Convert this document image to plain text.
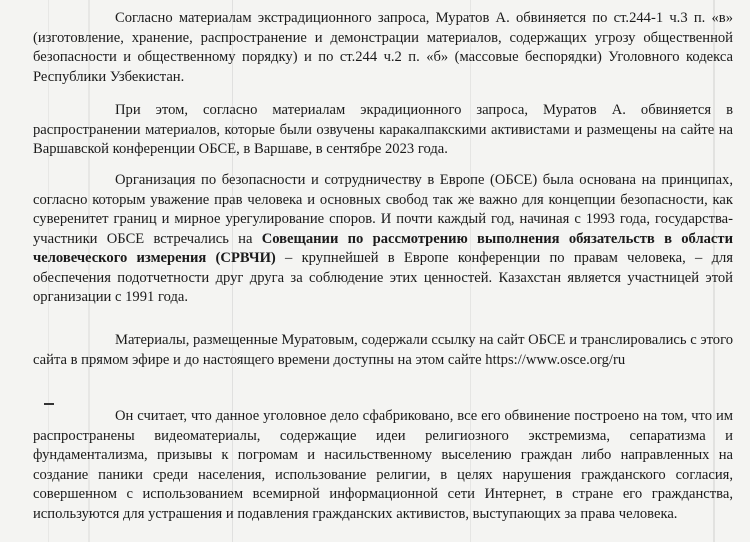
Согласно материалам экстрадиционного запроса, Муратов А. обвиняется по ст.244-1 ч.3 п. «в» (изготовление, хранение, распространение и демонстрации материалов, содержащих угрозу общественной безопасности и общественному порядку) и по ст.244 ч.2 п. «б» (массовые беспорядки) Уголовного кодекса Республики Узбекистан.

При этом, согласно материалам экрадиционного запроса, Муратов А. обвиняется в распространении материалов, которые были озвучены каракалпакскими активистами и размещены на сайте на Варшавской конференции ОБСЕ, в Варшаве, в сентябре 2023 года.

Организация по безопасности и сотрудничеству в Европе (ОБСЕ) была основана на принципах, согласно которым уважение прав человека и основных свобод так же важно для концепции безопасности, как суверенитет границ и мирное урегулирование споров. И почти каждый год, начиная с 1993 года, государства-участники ОБСЕ встречались на Совещании по рассмотрению выполнения обязательств в области человеческого измерения (СРВЧИ) – крупнейшей в Европе конференции по правам человека, – для обеспечения подотчетности друг друга за соблюдение этих ценностей. Казахстан является участницей этой организации с 1991 года.

Материалы, размещенные Муратовым, содержали ссылку на сайт ОБСЕ и транслировались с этого сайта в прямом эфире и до настоящего времени доступны на этом сайте https://www.osce.org/ru

Он считает, что данное уголовное дело сфабриковано, все его обвинение построено на том, что им распространены видеоматериалы, содержащие идеи религиозного экстремизма, сепаратизма и фундаментализма, призывы к погромам и насильственному выселению граждан либо направленных на создание паники среди населения, использование религии, в целях нарушения гражданского согласия, совершенном с использованием всемирной информационной сети Интернет, в стране его гражданства, используются для устрашения и подавления гражданских активистов, выступающих за права человека.
